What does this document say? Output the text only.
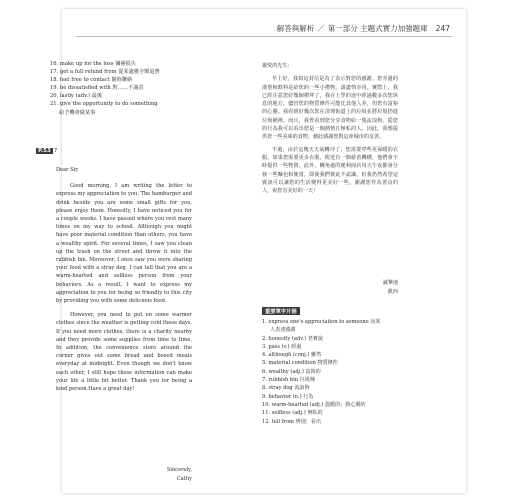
解答與解析 ／ 第一部分 主題式實力加強題庫 247
16. make up for the loss 彌補損失
17. get a full refund from 從某處獲全額退費
18. feel free to contact 隨時聯絡
19. be dissatisfied with 對……不滿意
20. lastly (adv.) 最後
21. give the opportunity to do something
給予機會做某事
P.53 7

Dear Sir,

Good morning, I am writing the letter to express my appreciation to you. The hamburger and drink beside you are some small gifts for you, please enjoy them. Honestly, I have noticed you for a couple weeks. I have passed where you rest many times on my way to school. Although you might have poor material condition than others, you have a wealthy spirit. For several times, I saw you clean up the trash on the street and throw it into the rubbish bin. Moreover, I once saw you were sharing your food with a stray dog. I can tell that you are a warm-hearted and selfless person from your behaviors. As a result, I want to express my appreciation to you for being so friendly to this city by providing you with some delicious food.

However, you need to put on some warmer clothes since the weather is getting cold these days. If you need more clothes, there is a charity nearby and they provide some supplies from time to time. In addition, the convenience store around the corner gives out some bread and boxed meals everyday at midnight. Even though we don't know each other, I still hope these information can make your life a little bit better. Thank you for being a kind person.Have a great day!

Sincerely,
Cathy

親愛的先生：

早上好，我寫這封信是為了表示對您的感謝。您旁邊的漢堡和飲料是給您的一些小禮物，請盡情享用。實際上，我已經注意您好幾個禮拜了，我在上學的途中經過數多次您休息的地方。儘管您的物質條件可能比其他人差，但您有富裕的心靈。我看到好幾次您在清理街道上的垃圾並將垃圾扔進垃圾桶裡。而且，我曾看到您分享食物給一隻流浪狗。從您的行為我可以看出您是一個熱情且無私的人。因此，我想提供您一些美味的食物，藉此感謝您對這座城市的友善。

不過，由於這幾天天氣轉冷了，您需要穿些更保暖的衣服。如果您需要更多衣服，附近有一個慈善機構，他們會不時提供一些物資。此外，轉角處的便利商店每天午夜都會分發一些麵包和便當。即使我們彼此不認識，但我仍然希望這資訊可以讓您的生活變得更美好一些。謝謝您作為善良的人，祝您有美好的一天！

誠摯地
凱西
重要單字片語
1. express one's appreciation to someone 向某
人表達感謝
2. honestly (adv.) 老實說
3. pass (v.) 經過
4. although (conj.) 雖然
5. material condition 物質條件
6. wealthy (adj.) 富裕的
7. rubbish bin 垃圾桶
8. stray dog 流浪狗
9. behavior (n.) 行為
10. warm-hearted (adj.) 溫暖的；熱心腸的
11. selfless (adj.) 無私的
12. tell from 辨別；看出
